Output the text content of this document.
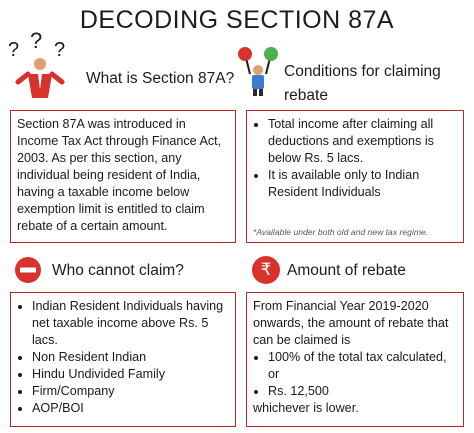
DECODING SECTION 87A
? ? ?
What is Section 87A?	Conditions for claiming
rebate

Section 87A was introduced in Income Tax Act through Finance Act, 2003. As per this section, any individual being resident of India, having a taxable income below exemption limit is entitled to claim rebate of a certain amount.

• Total income after claiming all deductions and exemptions is below Rs. 5 lacs.
• It is available only to Indian Resident Individuals
*Available under both old and new tax regime.
Who cannot claim?	₹	Amount of rebate
• Indian Resident Individuals having net taxable income above Rs. 5 lacs.
• Non Resident Indian
• Hindu Undivided Family
• Firm/Company
• AOP/BOI

From Financial Year 2019-2020 onwards, the amount of rebate that can be claimed is

• 100% of the total tax calculated, or
• Rs. 12,500

whichever is lower.
